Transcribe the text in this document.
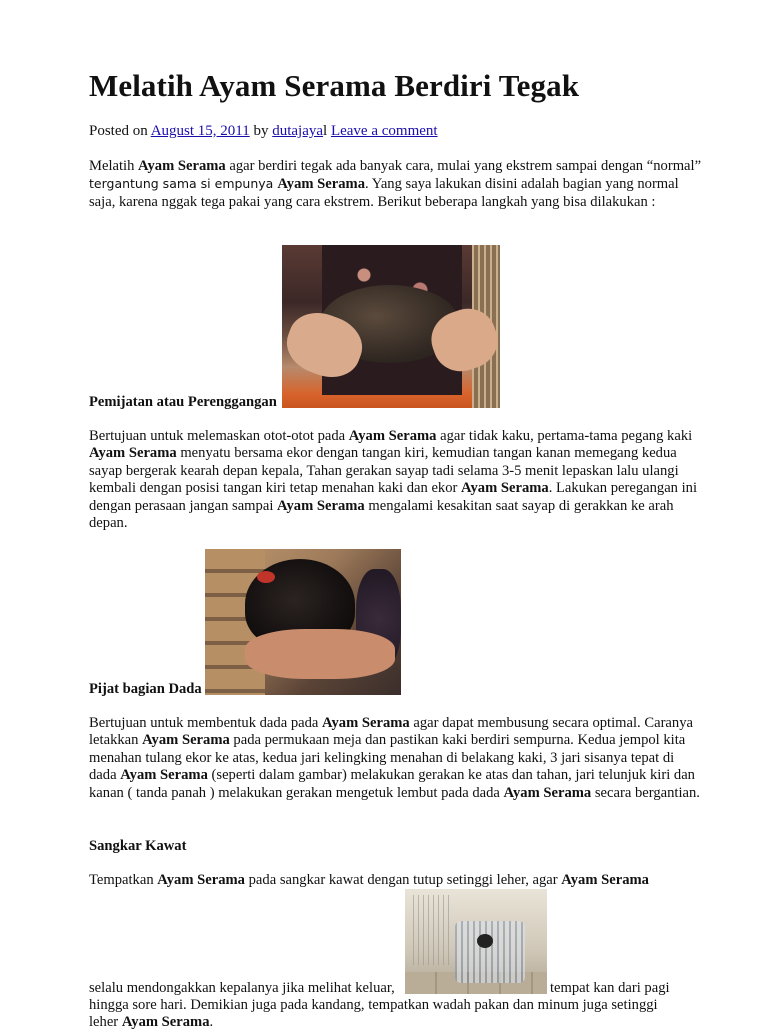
Melatih Ayam Serama Berdiri Tegak
Posted on August 15, 2011 by dutajayal Leave a comment

Melatih Ayam Serama agar berdiri tegak ada banyak cara, mulai yang ekstrem sampai dengan “normal” tergantung sama si empunya Ayam Serama. Yang saya lakukan disini adalah bagian yang normal saja, karena nggak tega pakai yang cara ekstrem. Berikut beberapa langkah yang bisa dilakukan :

Pemijatan atau Perenggangan

Bertujuan untuk melemaskan otot-otot pada Ayam Serama agar tidak kaku, pertama-tama pegang kaki Ayam Serama menyatu bersama ekor dengan tangan kiri, kemudian tangan kanan memegang kedua sayap bergerak kearah depan kepala, Tahan gerakan sayap tadi selama 3-5 menit lepaskan lalu ulangi kembali dengan posisi tangan kiri tetap menahan kaki dan ekor Ayam Serama. Lakukan peregangan ini dengan perasaan jangan sampai Ayam Serama mengalami kesakitan saat sayap di gerakkan ke arah depan.

Pijat bagian Dada

Bertujuan untuk membentuk dada pada Ayam Serama agar dapat membusung secara optimal. Caranya letakkan Ayam Serama pada permukaan meja dan pastikan kaki berdiri sempurna. Kedua jempol kita menahan tulang ekor ke atas, kedua jari kelingking menahan di belakang kaki, 3 jari sisanya tepat di dada Ayam Serama (seperti dalam gambar) melakukan gerakan ke atas dan tahan, jari telunjuk kiri dan kanan ( tanda panah ) melakukan gerakan mengetuk lembut pada dada Ayam Serama secara bergantian.

Sangkar Kawat

Tempatkan Ayam Serama pada sangkar kawat dengan tutup setinggi leher, agar Ayam Serama

selalu mendongakkan kepalanya jika melihat keluar,	tempat kan dari pagi
hingga sore hari. Demikian juga pada kandang, tempatkan wadah pakan dan minum juga setinggi
leher Ayam Serama.
